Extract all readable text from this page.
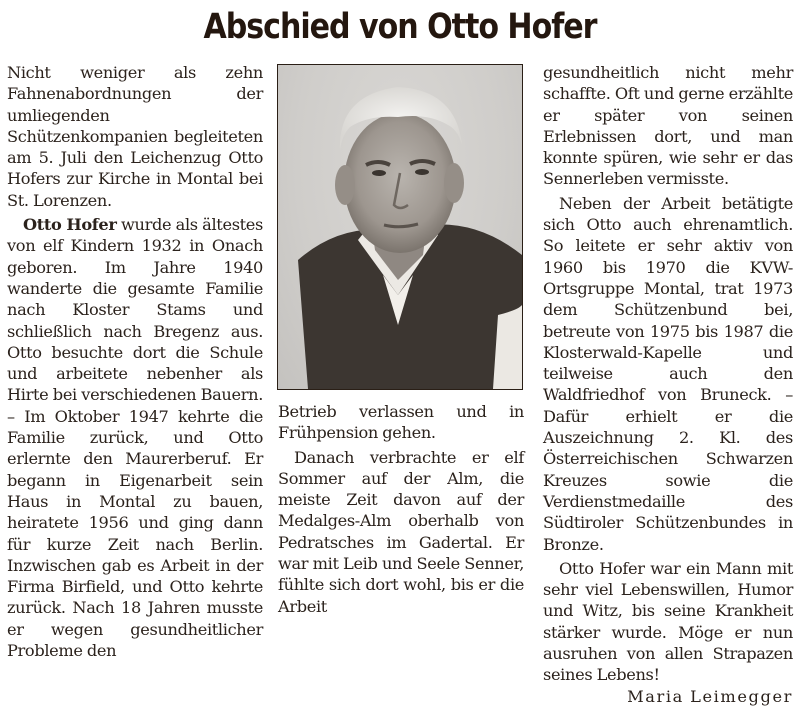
Abschied von Otto Hofer

Nicht weniger als zehn Fahnenabordnungen der umliegenden Schützenkompanien begleiteten am 5. Juli den Leichenzug Otto Hofers zur Kirche in Montal bei St. Lorenzen.

Otto Hofer wurde als ältestes von elf Kindern 1932 in Onach geboren. Im Jahre 1940 wanderte die gesamte Familie nach Kloster Stams und schließlich nach Bregenz aus. Otto besuchte dort die Schule und arbeitete nebenher als Hirte bei verschiedenen Bauern. – Im Oktober 1947 kehrte die Familie zurück, und Otto erlernte den Maurerberuf. Er begann in Eigenarbeit sein Haus in Montal zu bauen, heiratete 1956 und ging dann für kurze Zeit nach Berlin. Inzwischen gab es Arbeit in der Firma Birfield, und Otto kehrte zurück. Nach 18 Jahren musste er wegen gesundheitlicher Probleme den

Betrieb verlassen und in Frühpension gehen.

Danach verbrachte er elf Sommer auf der Alm, die meiste Zeit davon auf der Medalges-Alm oberhalb von Pedratsches im Gadertal. Er war mit Leib und Seele Senner, fühlte sich dort wohl, bis er die Arbeit

gesundheitlich nicht mehr schaffte. Oft und gerne erzählte er später von seinen Erlebnissen dort, und man konnte spüren, wie sehr er das Sennerleben vermisste.

Neben der Arbeit betätigte sich Otto auch ehrenamtlich. So leitete er sehr aktiv von 1960 bis 1970 die KVW-Ortsgruppe Montal, trat 1973 dem Schützenbund bei, betreute von 1975 bis 1987 die Klosterwald-Kapelle und teilweise auch den Waldfriedhof von Bruneck. – Dafür erhielt er die Auszeichnung 2. Kl. des Österreichischen Schwarzen Kreuzes sowie die Verdienstmedaille des Südtiroler Schützenbundes in Bronze.

Otto Hofer war ein Mann mit sehr viel Lebenswillen, Humor und Witz, bis seine Krankheit stärker wurde. Möge er nun ausruhen von allen Strapazen seines Lebens!

Maria Leimegger
